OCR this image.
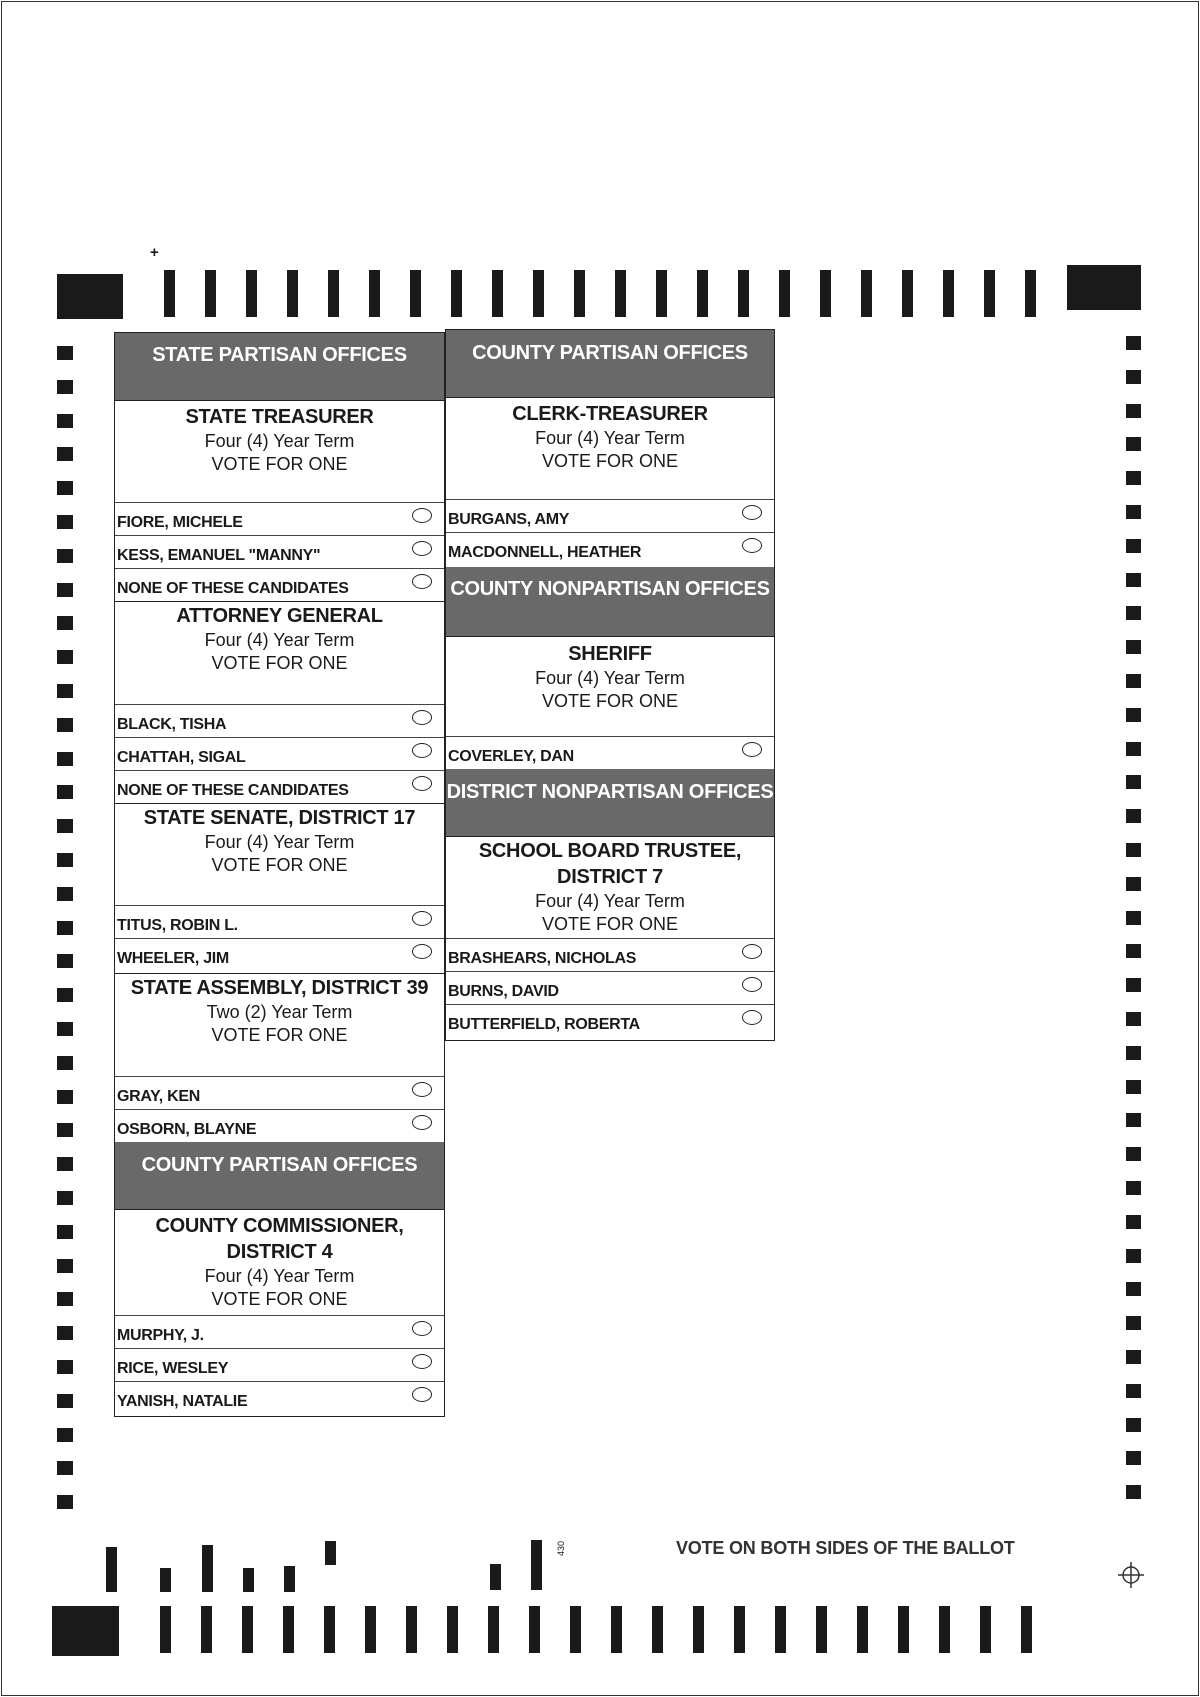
+
430	VOTE ON BOTH SIDES OF THE BALLOT
STATE PARTISAN OFFICES
STATE TREASURER
Four (4) Year Term
VOTE FOR ONE
FIORE, MICHELE
KESS, EMANUEL "MANNY"
NONE OF THESE CANDIDATES
ATTORNEY GENERAL
Four (4) Year Term
VOTE FOR ONE
BLACK, TISHA
CHATTAH, SIGAL
NONE OF THESE CANDIDATES
STATE SENATE, DISTRICT 17
Four (4) Year Term
VOTE FOR ONE
TITUS, ROBIN L.
WHEELER, JIM
STATE ASSEMBLY, DISTRICT 39
Two (2) Year Term
VOTE FOR ONE
GRAY, KEN
OSBORN, BLAYNE
COUNTY PARTISAN OFFICES
COUNTY COMMISSIONER,
DISTRICT 4
Four (4) Year Term
VOTE FOR ONE
MURPHY, J.
RICE, WESLEY
YANISH, NATALIE
COUNTY PARTISAN OFFICES
CLERK-TREASURER
Four (4) Year Term
VOTE FOR ONE
BURGANS, AMY
MACDONNELL, HEATHER
COUNTY NONPARTISAN OFFICES
SHERIFF
Four (4) Year Term
VOTE FOR ONE
COVERLEY, DAN
DISTRICT NONPARTISAN OFFICES
SCHOOL BOARD TRUSTEE,
DISTRICT 7
Four (4) Year Term
VOTE FOR ONE
BRASHEARS, NICHOLAS
BURNS, DAVID
BUTTERFIELD, ROBERTA
